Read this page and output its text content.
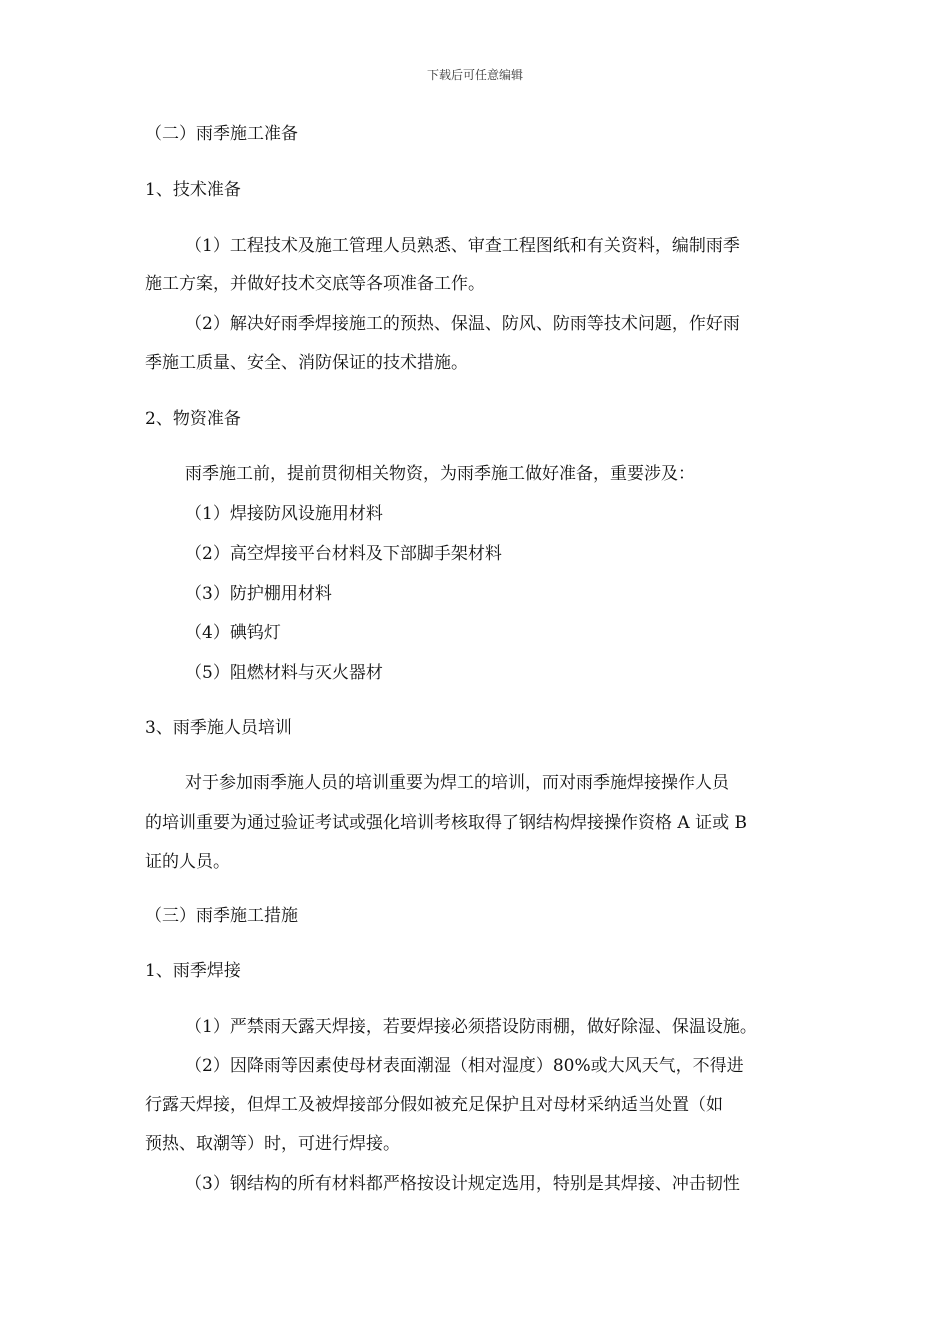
下载后可任意编辑
（二）雨季施工准备
1、技术准备
（1）工程技术及施工管理人员熟悉、审查工程图纸和有关资料，编制雨季
施工方案，并做好技术交底等各项准备工作。
（2）解决好雨季焊接施工的预热、保温、防风、防雨等技术问题，作好雨
季施工质量、安全、消防保证的技术措施。
2、物资准备
雨季施工前，提前贯彻相关物资，为雨季施工做好准备，重要涉及：
（1）焊接防风设施用材料
（2）高空焊接平台材料及下部脚手架材料
（3）防护棚用材料
（4）碘钨灯
（5）阻燃材料与灭火器材
3、雨季施人员培训
对于参加雨季施人员的培训重要为焊工的培训，而对雨季施焊接操作人员
的培训重要为通过验证考试或强化培训考核取得了钢结构焊接操作资格 A 证或 B
证的人员。
（三）雨季施工措施
1、雨季焊接
（1）严禁雨天露天焊接，若要焊接必须搭设防雨棚，做好除湿、保温设施。
（2）因降雨等因素使母材表面潮湿（相对湿度）80%或大风天气，不得进
行露天焊接，但焊工及被焊接部分假如被充足保护且对母材采纳适当处置（如
预热、取潮等）时，可进行焊接。
（3）钢结构的所有材料都严格按设计规定选用，特别是其焊接、冲击韧性
